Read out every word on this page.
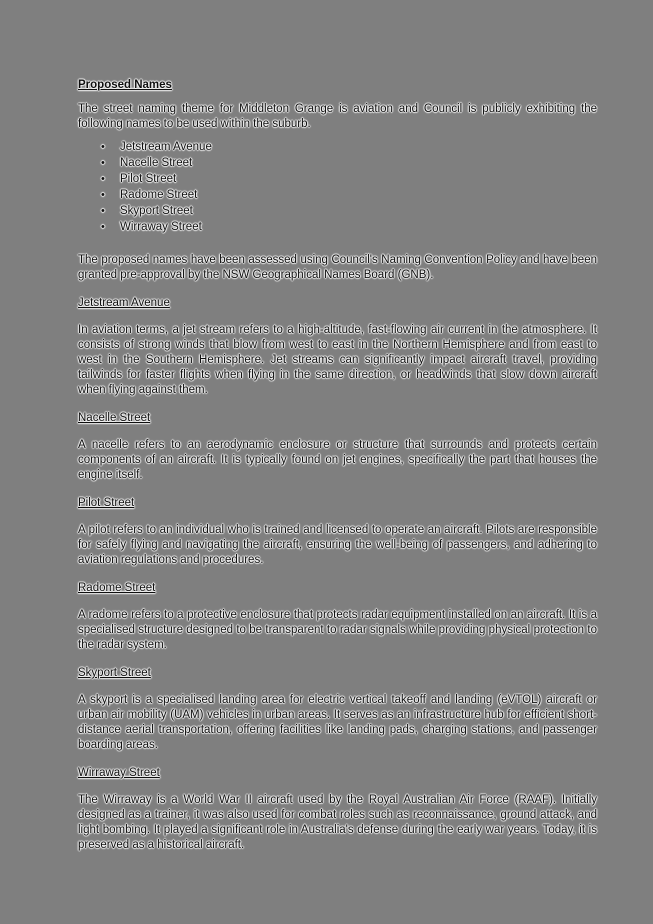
Proposed Names

The street naming theme for Middleton Grange is aviation and Council is publicly exhibiting the following names to be used within the suburb.

• Jetstream Avenue
• Nacelle Street
• Pilot Street
• Radome Street
• Skyport Street
• Wirraway Street

The proposed names have been assessed using Council's Naming Convention Policy and have been granted pre-approval by the NSW Geographical Names Board (GNB).

Jetstream Avenue

In aviation terms, a jet stream refers to a high-altitude, fast-flowing air current in the atmosphere. It consists of strong winds that blow from west to east in the Northern Hemisphere and from east to west in the Southern Hemisphere. Jet streams can significantly impact aircraft travel, providing tailwinds for faster flights when flying in the same direction, or headwinds that slow down aircraft when flying against them.

Nacelle Street

A nacelle refers to an aerodynamic enclosure or structure that surrounds and protects certain components of an aircraft. It is typically found on jet engines, specifically the part that houses the engine itself.

Pilot Street

A pilot refers to an individual who is trained and licensed to operate an aircraft. Pilots are responsible for safely flying and navigating the aircraft, ensuring the well-being of passengers, and adhering to aviation regulations and procedures.

Radome Street

A radome refers to a protective enclosure that protects radar equipment installed on an aircraft. It is a specialised structure designed to be transparent to radar signals while providing physical protection to the radar system.

Skyport Street

A skyport is a specialised landing area for electric vertical takeoff and landing (eVTOL) aircraft or urban air mobility (UAM) vehicles in urban areas. It serves as an infrastructure hub for efficient short-distance aerial transportation, offering facilities like landing pads, charging stations, and passenger boarding areas.

Wirraway Street

The Wirraway is a World War II aircraft used by the Royal Australian Air Force (RAAF). Initially designed as a trainer, it was also used for combat roles such as reconnaissance, ground attack, and light bombing. It played a significant role in Australia's defense during the early war years. Today, it is preserved as a historical aircraft.
